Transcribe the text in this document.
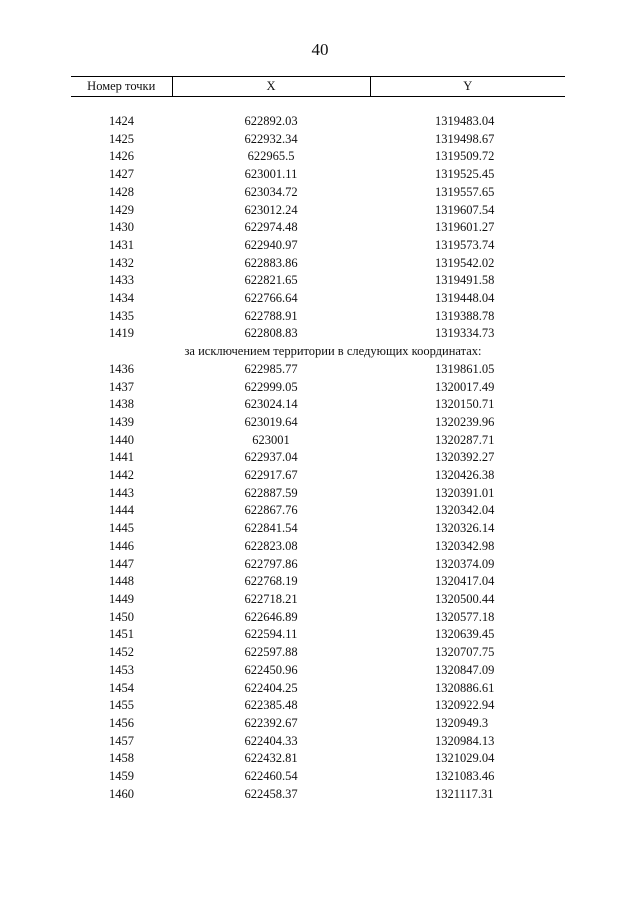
40
Номер точки	X	Y

1424	622892.03	1319483.04
1425	622932.34	1319498.67
1426	622965.5	1319509.72
1427	623001.11	1319525.45
1428	623034.72	1319557.65
1429	623012.24	1319607.54
1430	622974.48	1319601.27
1431	622940.97	1319573.74
1432	622883.86	1319542.02
1433	622821.65	1319491.58
1434	622766.64	1319448.04
1435	622788.91	1319388.78
1419	622808.83	1319334.73
за исключением территории в следующих координатах:		
1436	622985.77	1319861.05
1437	622999.05	1320017.49
1438	623024.14	1320150.71
1439	623019.64	1320239.96
1440	623001	1320287.71
1441	622937.04	1320392.27
1442	622917.67	1320426.38
1443	622887.59	1320391.01
1444	622867.76	1320342.04
1445	622841.54	1320326.14
1446	622823.08	1320342.98
1447	622797.86	1320374.09
1448	622768.19	1320417.04
1449	622718.21	1320500.44
1450	622646.89	1320577.18
1451	622594.11	1320639.45
1452	622597.88	1320707.75
1453	622450.96	1320847.09
1454	622404.25	1320886.61
1455	622385.48	1320922.94
1456	622392.67	1320949.3
1457	622404.33	1320984.13
1458	622432.81	1321029.04
1459	622460.54	1321083.46
1460	622458.37	1321117.31
